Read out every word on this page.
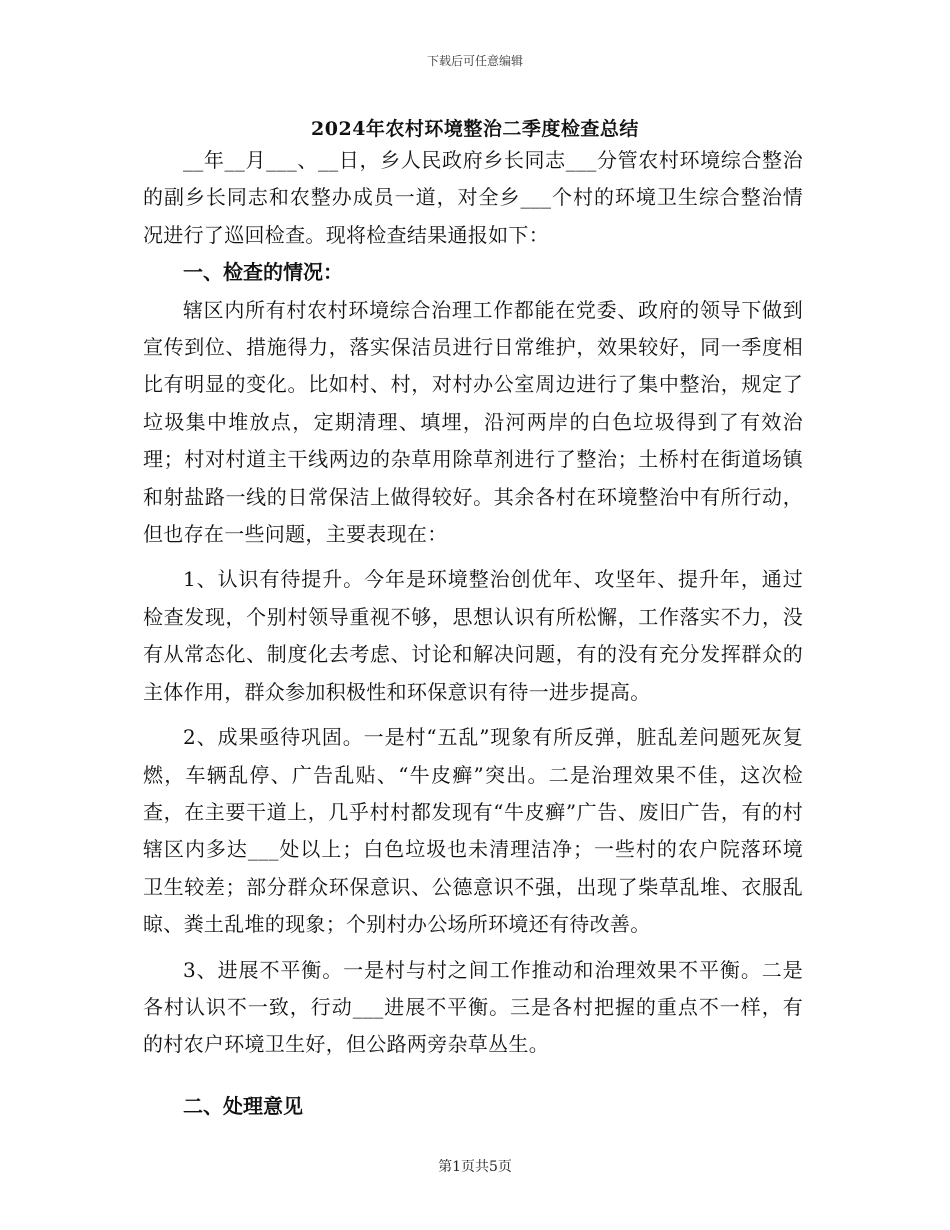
下载后可任意编辑
2024年农村环境整治二季度检查总结

__年__月___、__日，乡人民政府乡长同志___分管农村环境综合整治的副乡长同志和农整办成员一道，对全乡___个村的环境卫生综合整治情况进行了巡回检查。现将检查结果通报如下：

一、检查的情况：

辖区内所有村农村环境综合治理工作都能在党委、政府的领导下做到宣传到位、措施得力，落实保洁员进行日常维护，效果较好，同一季度相比有明显的变化。比如村、村，对村办公室周边进行了集中整治，规定了垃圾集中堆放点，定期清理、填埋，沿河两岸的白色垃圾得到了有效治理；村对村道主干线两边的杂草用除草剂进行了整治；土桥村在街道场镇和射盐路一线的日常保洁上做得较好。其余各村在环境整治中有所行动，但也存在一些问题，主要表现在：

1、认识有待提升。今年是环境整治创优年、攻坚年、提升年，通过检查发现，个别村领导重视不够，思想认识有所松懈，工作落实不力，没有从常态化、制度化去考虑、讨论和解决问题，有的没有充分发挥群众的主体作用，群众参加积极性和环保意识有待一进步提高。

2、成果亟待巩固。一是村“五乱”现象有所反弹，脏乱差问题死灰复燃，车辆乱停、广告乱贴、“牛皮癣”突出。二是治理效果不佳，这次检查，在主要干道上，几乎村村都发现有“牛皮癣”广告、废旧广告，有的村辖区内多达___处以上；白色垃圾也未清理洁净；一些村的农户院落环境卫生较差；部分群众环保意识、公德意识不强，出现了柴草乱堆、衣服乱晾、粪土乱堆的现象；个别村办公场所环境还有待改善。

3、进展不平衡。一是村与村之间工作推动和治理效果不平衡。二是各村认识不一致，行动___进展不平衡。三是各村把握的重点不一样，有的村农户环境卫生好，但公路两旁杂草丛生。

二、处理意见

第1页共5页
